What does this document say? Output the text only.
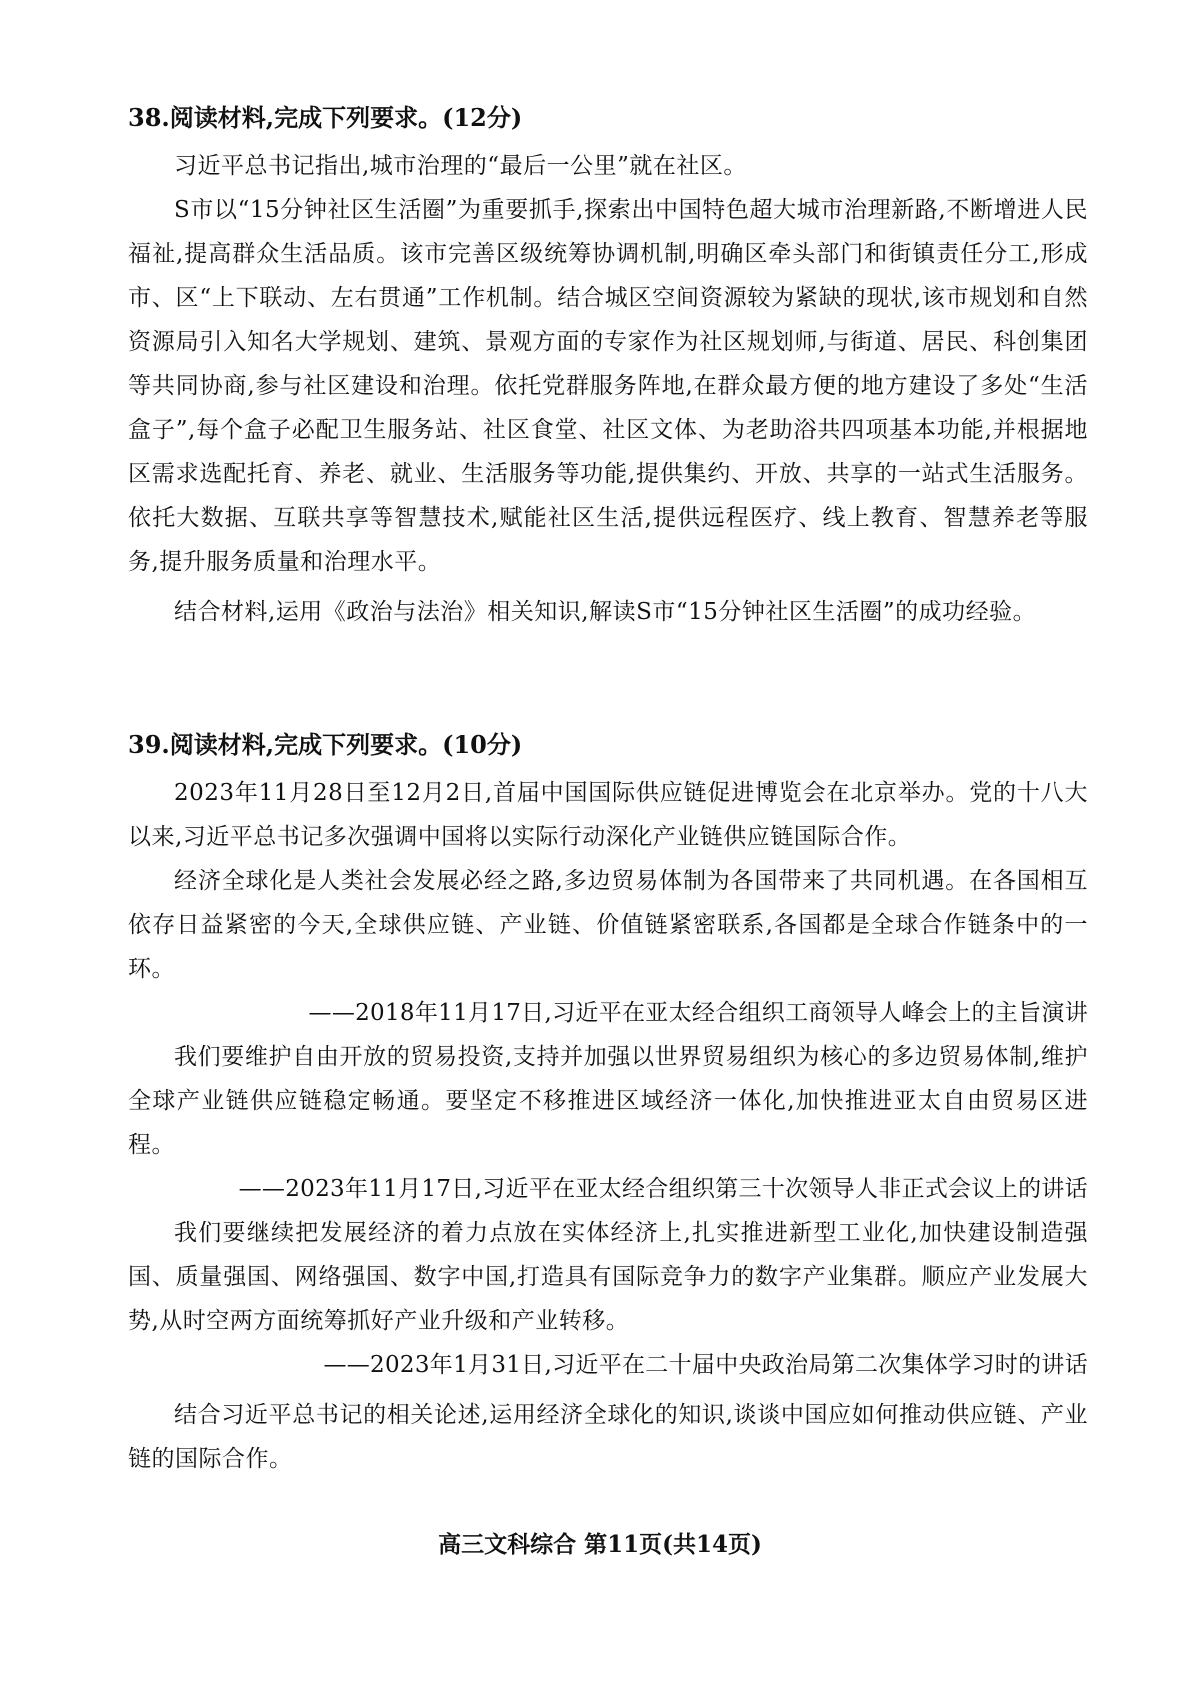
38.阅读材料,完成下列要求。(12分)

习近平总书记指出,城市治理的“最后一公里”就在社区。

S市以“15分钟社区生活圈”为重要抓手,探索出中国特色超大城市治理新路,不断增进人民福祉,提高群众生活品质。该市完善区级统筹协调机制,明确区牵头部门和街镇责任分工,形成市、区“上下联动、左右贯通”工作机制。结合城区空间资源较为紧缺的现状,该市规划和自然资源局引入知名大学规划、建筑、景观方面的专家作为社区规划师,与街道、居民、科创集团等共同协商,参与社区建设和治理。依托党群服务阵地,在群众最方便的地方建设了多处“生活盒子”,每个盒子必配卫生服务站、社区食堂、社区文体、为老助浴共四项基本功能,并根据地区需求选配托育、养老、就业、生活服务等功能,提供集约、开放、共享的一站式生活服务。依托大数据、互联共享等智慧技术,赋能社区生活,提供远程医疗、线上教育、智慧养老等服务,提升服务质量和治理水平。

结合材料,运用《政治与法治》相关知识,解读S市“15分钟社区生活圈”的成功经验。

39.阅读材料,完成下列要求。(10分)

2023年11月28日至12月2日,首届中国国际供应链促进博览会在北京举办。党的十八大以来,习近平总书记多次强调中国将以实际行动深化产业链供应链国际合作。

经济全球化是人类社会发展必经之路,多边贸易体制为各国带来了共同机遇。在各国相互依存日益紧密的今天,全球供应链、产业链、价值链紧密联系,各国都是全球合作链条中的一环。

——2018年11月17日,习近平在亚太经合组织工商领导人峰会上的主旨演讲

我们要维护自由开放的贸易投资,支持并加强以世界贸易组织为核心的多边贸易体制,维护全球产业链供应链稳定畅通。要坚定不移推进区域经济一体化,加快推进亚太自由贸易区进程。

——2023年11月17日,习近平在亚太经合组织第三十次领导人非正式会议上的讲话

我们要继续把发展经济的着力点放在实体经济上,扎实推进新型工业化,加快建设制造强国、质量强国、网络强国、数字中国,打造具有国际竞争力的数字产业集群。顺应产业发展大势,从时空两方面统筹抓好产业升级和产业转移。

——2023年1月31日,习近平在二十届中央政治局第二次集体学习时的讲话

结合习近平总书记的相关论述,运用经济全球化的知识,谈谈中国应如何推动供应链、产业链的国际合作。

高三文科综合 第11页(共14页)
